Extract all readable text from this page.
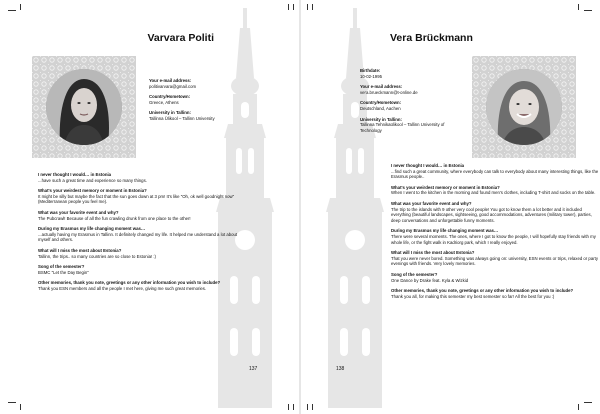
Varvara Politi
Your e-mail address:
politivarvara@gmail.com
Country/Hometown:
Greece, Athens
University in Tallinn:
Tallinna Ülikool – Tallinn University
I never thought I would… in Estonia
...have such a great time and experience so many things.
What's your weirdest memory or moment in Estonia?
It might be silly but maybe the fact that the sun goes down at 3 pm! It's like "Oh, ok well goodnight now" (Mediterranean people you feel me).
What was your favorite event and why?
The Pubcrawl! Because of all the fun crawling drunk from one place to the other!
During my Erasmus my life changing moment was…
...actually having my Erasmus in Tallinn. It definitely changed my life. It helped me understand a lot about myself and others.
What will I miss the most about Estonia?
Tallinn, the trips.. so many countries are so close to Estonia! :)
Song of the semester?
BSMC "Let the Day Begin"
Other memories, thank you note, greetings or any other information you wish to include?
Thank you ESN members and all the people I met here, giving me such great memories.
137
Vera Brückmann
Birthdate:
10-02-1995
Your e-mail address:
vera.brueckmann@t-online.de
Country/Hometown:
Deutschland, Aachen
University in Tallinn:
Tallinna Tehnikaülikool – Tallinn University of Technology
I never thought I would… in Estonia
...find such a great community, where everybody can talk to everybody about many interesting things, like the Erasmus people..
What's your weirdest memory or moment in Estonia?
When I went to the kitchen in the morning and found men's clothes, including T-shirt and socks on the table.
What was your favorite event and why?
The trip to the islands with 9 other very cool people! You got to know them a lot better and it included everything (beautiful landscapes, sightseeing, good accommodations, adventures (military tower), parties, deep conversations and unforgettable funny moments.
During my Erasmus my life changing moment was…
There were several moments. The ones, where I got to know the people, I will hopefully stay friends with my whole life, or the fight walk in Kadriorg park, which I really enjoyed.
What will I miss the most about Estonia?
That you were never bored. Something was always going on: university, ESN events or trips, relaxed or party evenings with friends. Very lovely memories.
Song of the semester?
One Dance by Drake feat. Kyla & Wizkid
Other memories, thank you note, greetings or any other information you wish to include?
Thank you all, for making this semester my best semester so far! All the best for you :)
138
